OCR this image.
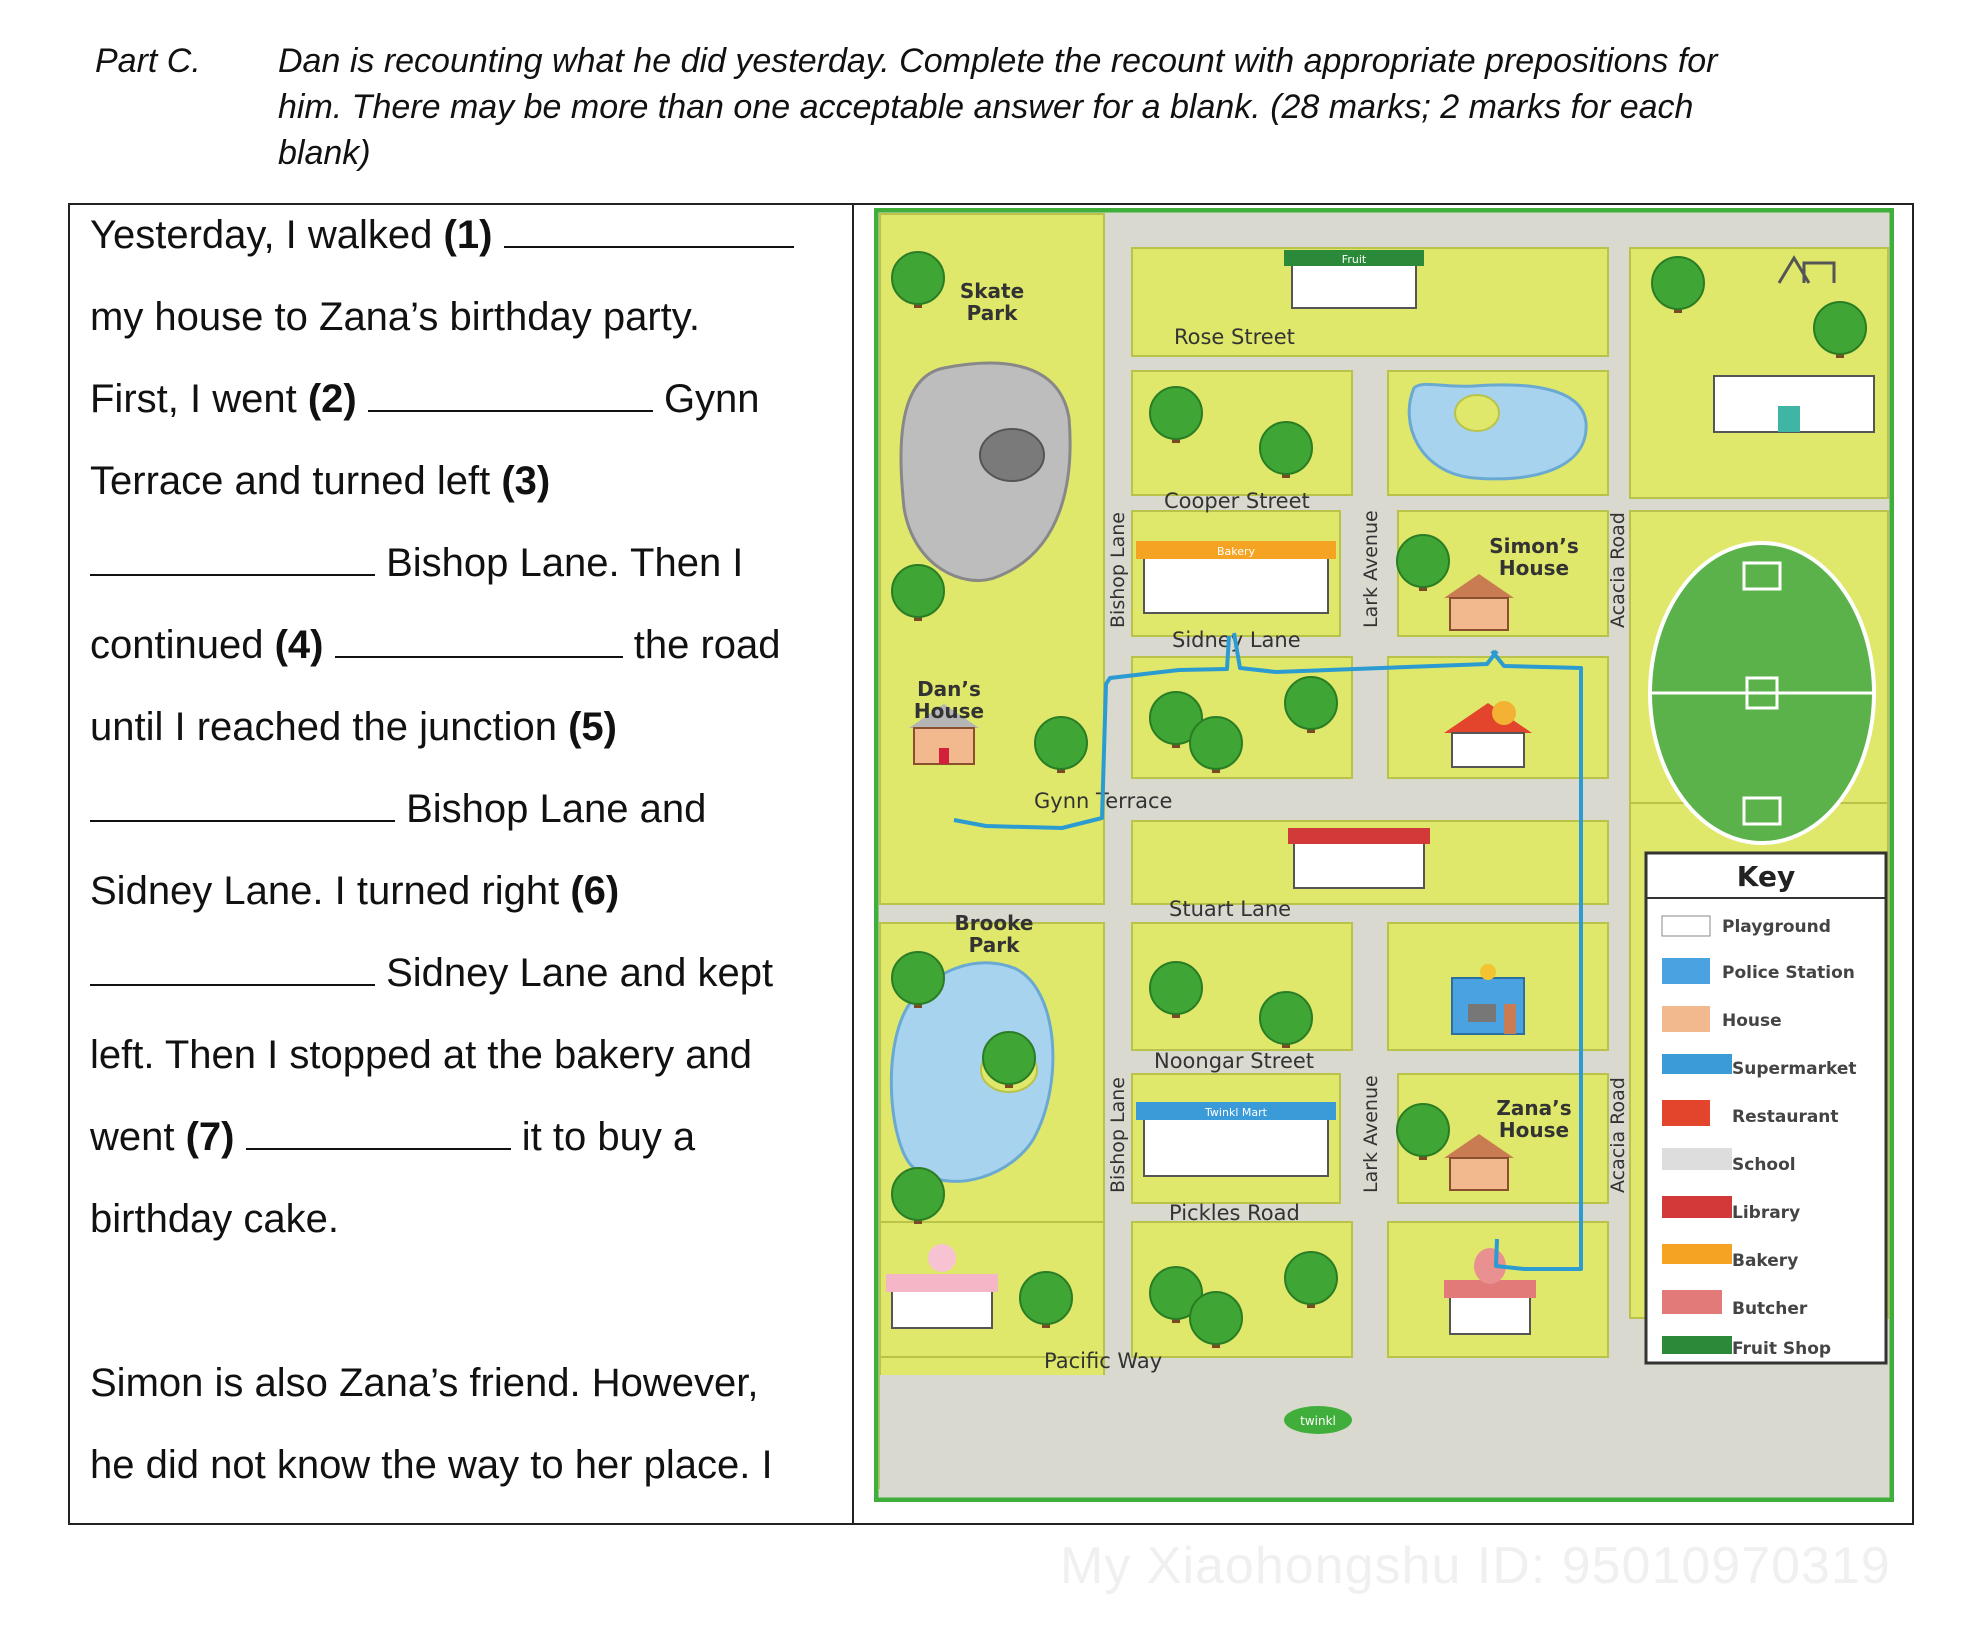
Part C. Dan is recounting what he did yesterday. Complete the recount with appropriate prepositions for
him. There may be more than one acceptable answer for a blank. (28 marks; 2 marks for each
blank)
Yesterday, I walked (1)
my house to Zana’s birthday party.
First, I went (2)	Gynn
Terrace and turned left (3)
Bishop Lane. Then I
continued (4)	the road
until I reached the junction (5)
Bishop Lane and
Sidney Lane. I turned right (6)
Sidney Lane and kept
left. Then I stopped at the bakery and
went (7)	it to buy a
birthday cake.
Simon is also Zana’s friend. However,
he did not know the way to her place. I
Fruit
Bakery
Twinkl Mart
twinkl
Rose Street
Cooper Street
Sidney Lane
Gynn Terrace
Stuart Lane
Noongar Street
Pickles Road
Pacific Way
Bishop Lane
Bishop Lane
Lark Avenue
Lark Avenue
Acacia Road
Acacia Road
Skate
Park
Brooke
Park
Dan’s
House
Simon’s
House
Zana’s
House
Key
Playground
Police Station
House
Supermarket
Restaurant
School
Library
Bakery
Butcher
Fruit Shop
My Xiaohongshu ID: 95010970319
